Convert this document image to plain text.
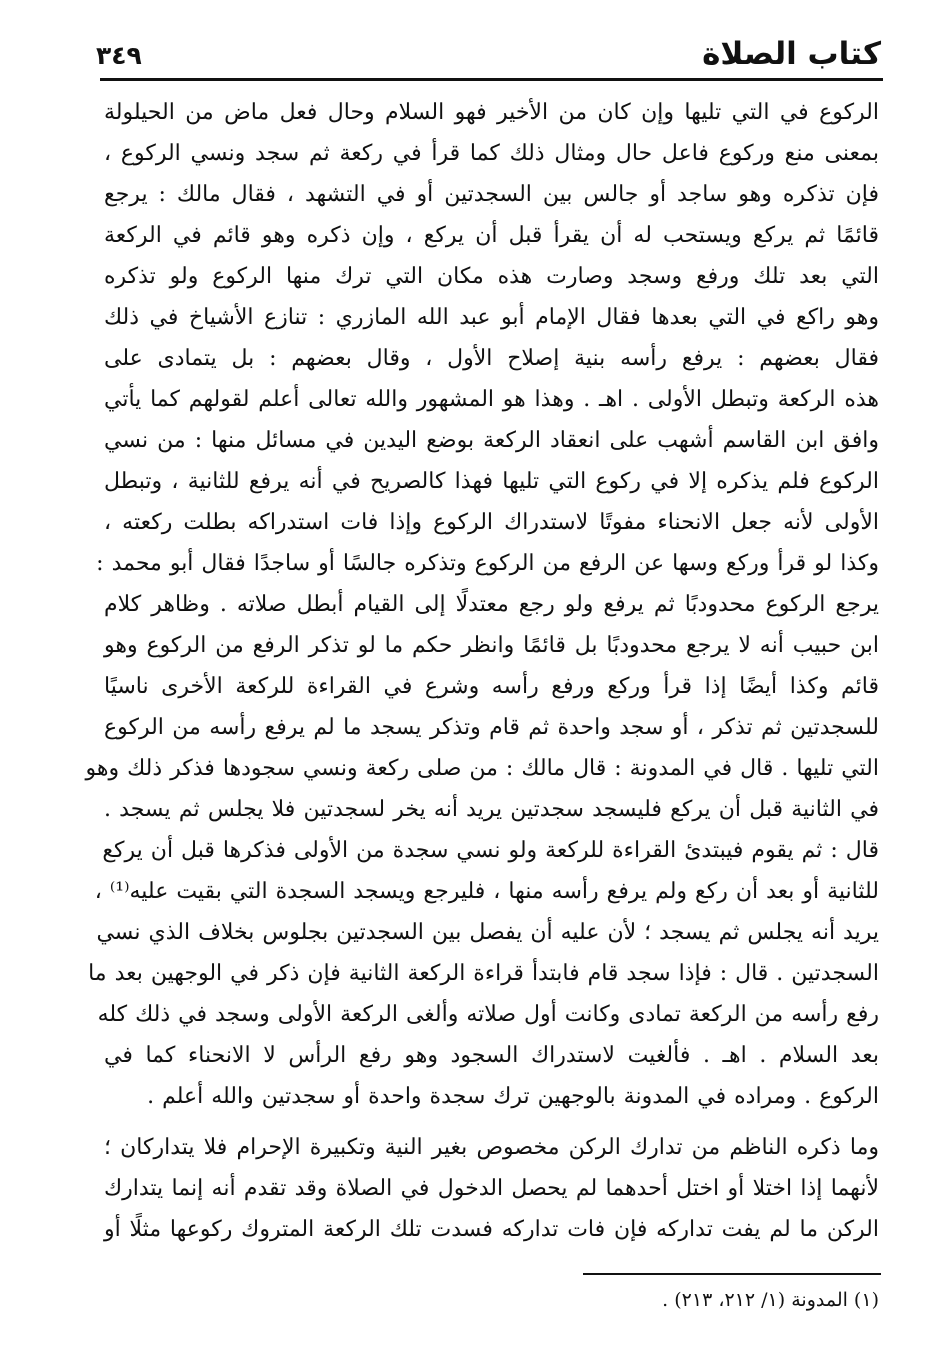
كتاب الصلاة
٣٤٩
الركوع في التي تليها وإن كان من الأخير فهو السلام وحال فعل ماض من الحيلولة
بمعنى منع وركوع فاعل حال ومثال ذلك كما قرأ في ركعة ثم سجد ونسي الركوع ،
فإن تذكره وهو ساجد أو جالس بين السجدتين أو في التشهد ، فقال مالك : يرجع
قائمًا ثم يركع ويستحب له أن يقرأ قبل أن يركع ، وإن ذكره وهو قائم في الركعة
التي بعد تلك ورفع وسجد وصارت هذه مكان التي ترك منها الركوع ولو تذكره
وهو راكع في التي بعدها فقال الإمام أبو عبد الله المازري : تنازع الأشياخ في ذلك
فقال بعضهم : يرفع رأسه بنية إصلاح الأول ، وقال بعضهم : بل يتمادى على
هذه الركعة وتبطل الأولى . اهـ . وهذا هو المشهور والله تعالى أعلم لقولهم كما يأتي
وافق ابن القاسم أشهب على انعقاد الركعة بوضع اليدين في مسائل منها : من نسي
الركوع فلم يذكره إلا في ركوع التي تليها فهذا كالصريح في أنه يرفع للثانية ، وتبطل
الأولى لأنه جعل الانحناء مفوتًا لاستدراك الركوع وإذا فات استدراكه بطلت ركعته ،
وكذا لو قرأ وركع وسها عن الرفع من الركوع وتذكره جالسًا أو ساجدًا فقال أبو محمد :
يرجع الركوع محدودبًا ثم يرفع ولو رجع معتدلًا إلى القيام أبطل صلاته . وظاهر كلام
ابن حبيب أنه لا يرجع محدودبًا بل قائمًا وانظر حكم ما لو تذكر الرفع من الركوع وهو
قائم وكذا أيضًا إذا قرأ وركع ورفع رأسه وشرع في القراءة للركعة الأخرى ناسيًا
للسجدتين ثم تذكر ، أو سجد واحدة ثم قام وتذكر يسجد ما لم يرفع رأسه من الركوع
التي تليها . قال في المدونة : قال مالك : من صلى ركعة ونسي سجودها فذكر ذلك وهو
في الثانية قبل أن يركع فليسجد سجدتين يريد أنه يخر لسجدتين فلا يجلس ثم يسجد .
قال : ثم يقوم فيبتدئ القراءة للركعة ولو نسي سجدة من الأولى فذكرها قبل أن يركع
للثانية أو بعد أن ركع ولم يرفع رأسه منها ، فليرجع ويسجد السجدة التي بقيت عليه⁽¹⁾ ،
يريد أنه يجلس ثم يسجد ؛ لأن عليه أن يفصل بين السجدتين بجلوس بخلاف الذي نسي
السجدتين . قال : فإذا سجد قام فابتدأ قراءة الركعة الثانية فإن ذكر في الوجهين بعد ما
رفع رأسه من الركعة تمادى وكانت أول صلاته وألغى الركعة الأولى وسجد في ذلك كله
بعد السلام . اهـ . فألغيت لاستدراك السجود وهو رفع الرأس لا الانحناء كما في
الركوع . ومراده في المدونة بالوجهين ترك سجدة واحدة أو سجدتين والله أعلم .
وما ذكره الناظم من تدارك الركن مخصوص بغير النية وتكبيرة الإحرام فلا يتداركان ؛
لأنهما إذا اختلا أو اختل أحدهما لم يحصل الدخول في الصلاة وقد تقدم أنه إنما يتدارك
الركن ما لم يفت تداركه فإن فات تداركه فسدت تلك الركعة المتروك ركوعها مثلًا أو
(١) المدونة (١/ ٢١٢، ٢١٣) .
